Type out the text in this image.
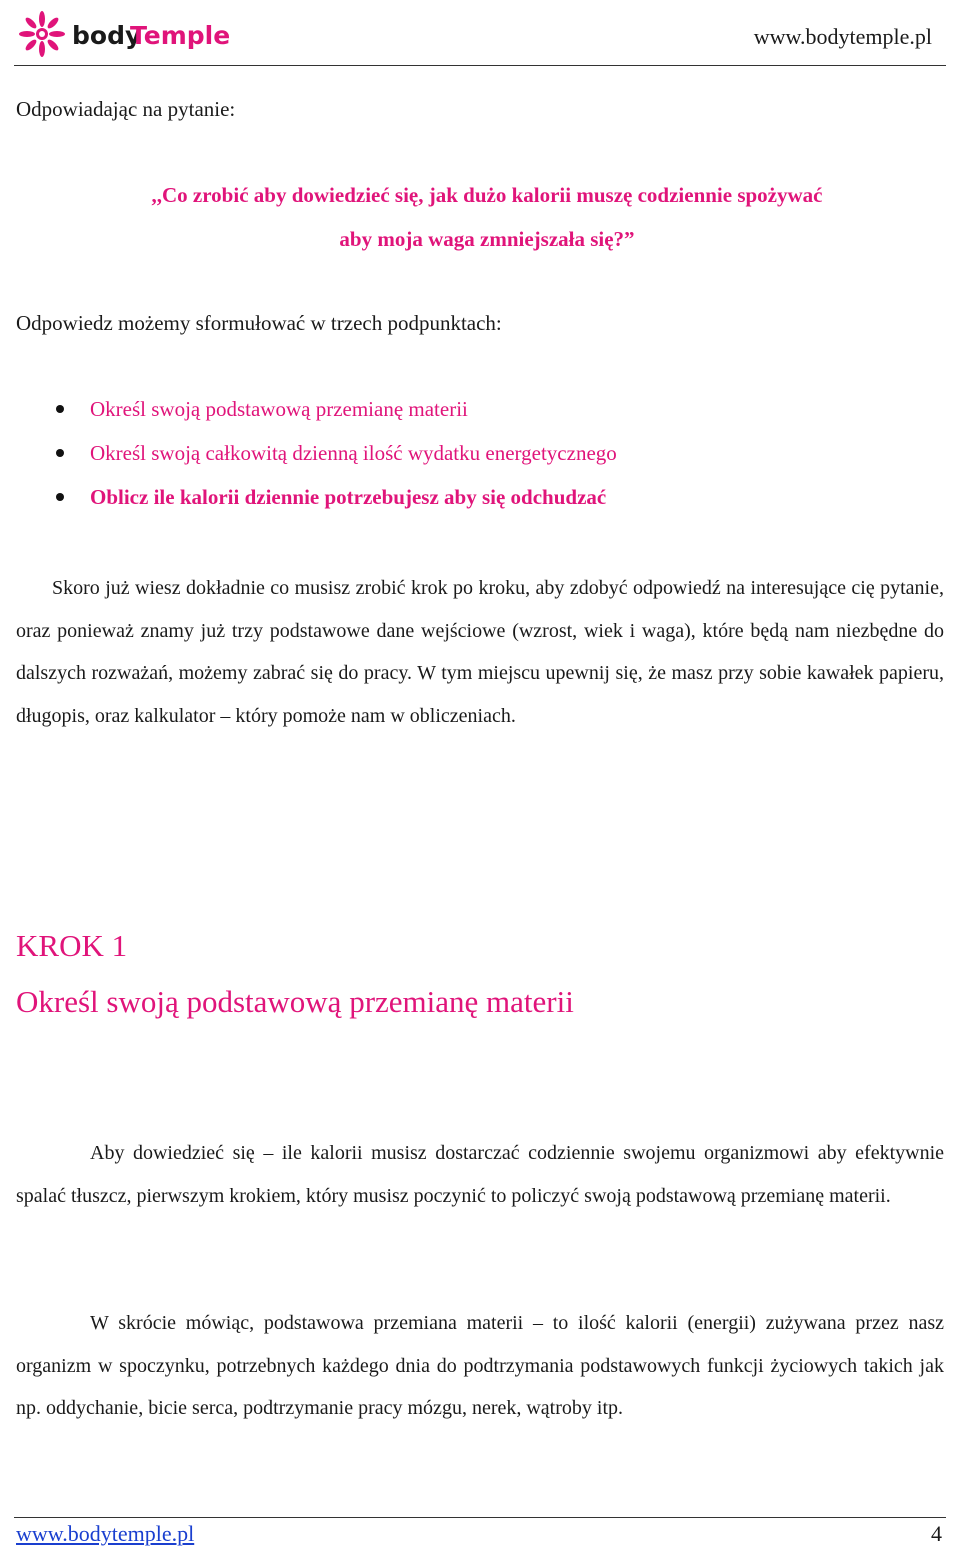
body
Temple	www.bodytemple.pl
Odpowiadając na pytanie:
,,Co zrobić aby dowiedzieć się, jak dużo kalorii muszę codziennie spożywać
aby moja waga zmniejszała się?”
Odpowiedz możemy sformułować w trzech podpunktach:
Określ swoją podstawową przemianę materii
Określ swoją całkowitą dzienną ilość wydatku energetycznego
Oblicz ile kalorii dziennie potrzebujesz aby się odchudzać
Skoro już wiesz dokładnie co musisz zrobić krok po kroku, aby zdobyć odpowiedź na interesujące cię pytanie, oraz ponieważ znamy już trzy podstawowe dane wejściowe (wzrost, wiek i waga), które będą nam niezbędne do dalszych rozważań, możemy zabrać się do pracy. W tym miejscu upewnij się, że masz przy sobie kawałek papieru, długopis, oraz kalkulator – który pomoże nam w obliczeniach.
KROK 1
Określ swoją podstawową przemianę materii
Aby dowiedzieć się – ile kalorii musisz dostarczać codziennie swojemu organizmowi aby efektywnie spalać tłuszcz, pierwszym krokiem, który musisz poczynić to policzyć swoją podstawową przemianę materii.
W skrócie mówiąc, podstawowa przemiana materii – to ilość kalorii (energii) zużywana przez nasz organizm w spoczynku, potrzebnych każdego dnia do podtrzymania podstawowych funkcji życiowych takich jak np. oddychanie, bicie serca, podtrzymanie pracy mózgu, nerek, wątroby itp.
www.bodytemple.pl	4
